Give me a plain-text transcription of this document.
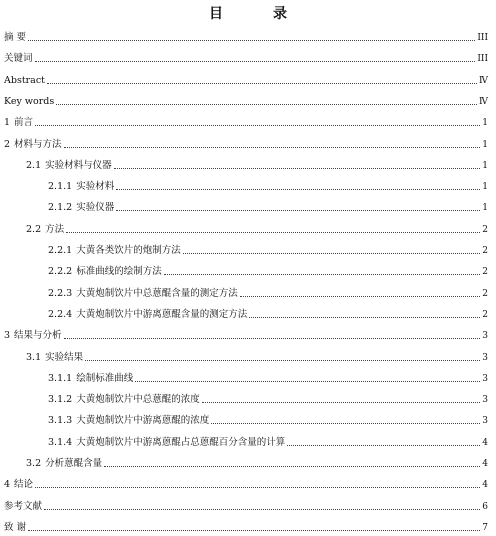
目　录
摘 要	III
关键词	III
Abstract	Ⅳ
Key words	Ⅳ
1 前言	1
2 材料与方法	1
2.1 实验材料与仪器	1
2.1.1 实验材料	1
2.1.2 实验仪器	1
2.2 方法	2
2.2.1 大黄各类饮片的炮制方法	2
2.2.2 标准曲线的绘制方法	2
2.2.3 大黄炮制饮片中总蒽醌含量的测定方法	2
2.2.4 大黄炮制饮片中游离蒽醌含量的测定方法	2
3 结果与分析	3
3.1 实验结果	3
3.1.1 绘制标准曲线	3
3.1.2 大黄炮制饮片中总蒽醌的浓度	3
3.1.3 大黄炮制饮片中游离蒽醌的浓度	3
3.1.4 大黄炮制饮片中游离蒽醌占总蒽醌百分含量的计算	4
3.2 分析蒽醌含量	4
4 结论	4
参考文献	6
致 谢	7
